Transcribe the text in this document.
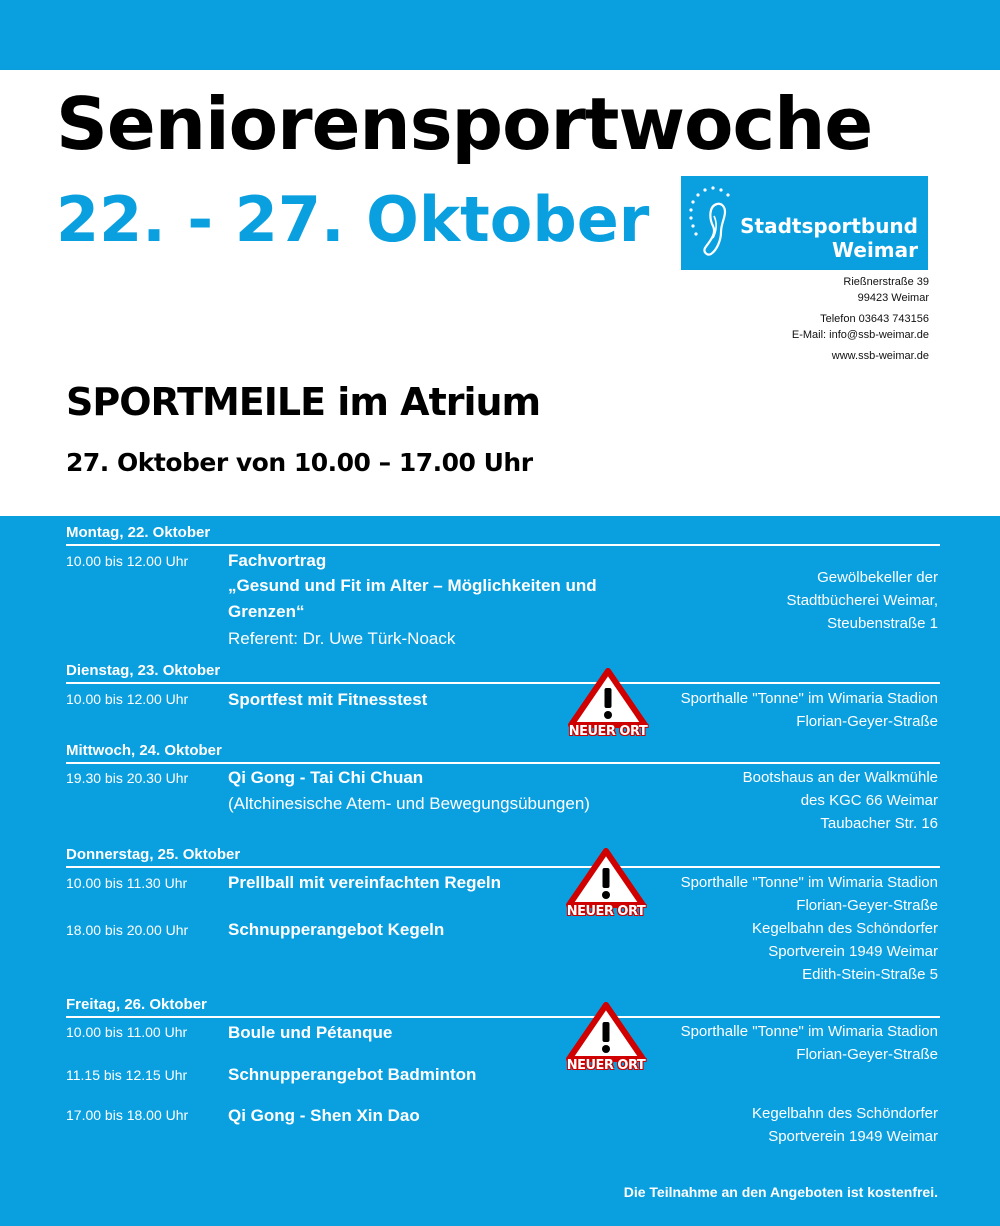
Seniorensportwoche
22. - 27. Oktober	Stadtsportbund
Weimar
Rießnerstraße 39
99423 Weimar
Telefon 03643 743156
E-Mail: info@ssb-weimar.de
www.ssb-weimar.de
SPORTMEILE im Atrium
27. Oktober von 10.00 – 17.00 Uhr
Montag, 22. Oktober
10.00 bis 12.00 Uhr Fachvortrag
„Gesund und Fit im Alter – Möglichkeiten und
Grenzen“
Referent: Dr. Uwe Türk-Noack
Gewölbekeller der
Stadtbücherei Weimar,
Steubenstraße 1
Dienstag, 23. Oktober
10.00 bis 12.00 Uhr Sportfest mit Fitnesstest	Sporthalle "Tonne" im Wimaria Stadion
Florian-Geyer-Straße
NEUER ORT
Mittwoch, 24. Oktober
19.30 bis 20.30 Uhr Qi Gong - Tai Chi Chuan
(Altchinesische Atem- und Bewegungsübungen)
Bootshaus an der Walkmühle
des KGC 66 Weimar
Taubacher Str. 16
Donnerstag, 25. Oktober
10.00 bis 11.30 Uhr Prellball mit vereinfachten Regeln	Sporthalle "Tonne" im Wimaria Stadion
Florian-Geyer-Straße
18.00 bis 20.00 Uhr Schnupperangebot Kegeln	Kegelbahn des Schöndorfer
Sportverein 1949 Weimar
Edith-Stein-Straße 5
NEUER ORT
Freitag, 26. Oktober
10.00 bis 11.00 Uhr Boule und Pétanque	Sporthalle "Tonne" im Wimaria Stadion
Florian-Geyer-Straße
11.15 bis 12.15 Uhr Schnupperangebot Badminton
17.00 bis 18.00 Uhr Qi Gong - Shen Xin Dao	Kegelbahn des Schöndorfer
Sportverein 1949 Weimar
NEUER ORT
Die Teilnahme an den Angeboten ist kostenfrei.
